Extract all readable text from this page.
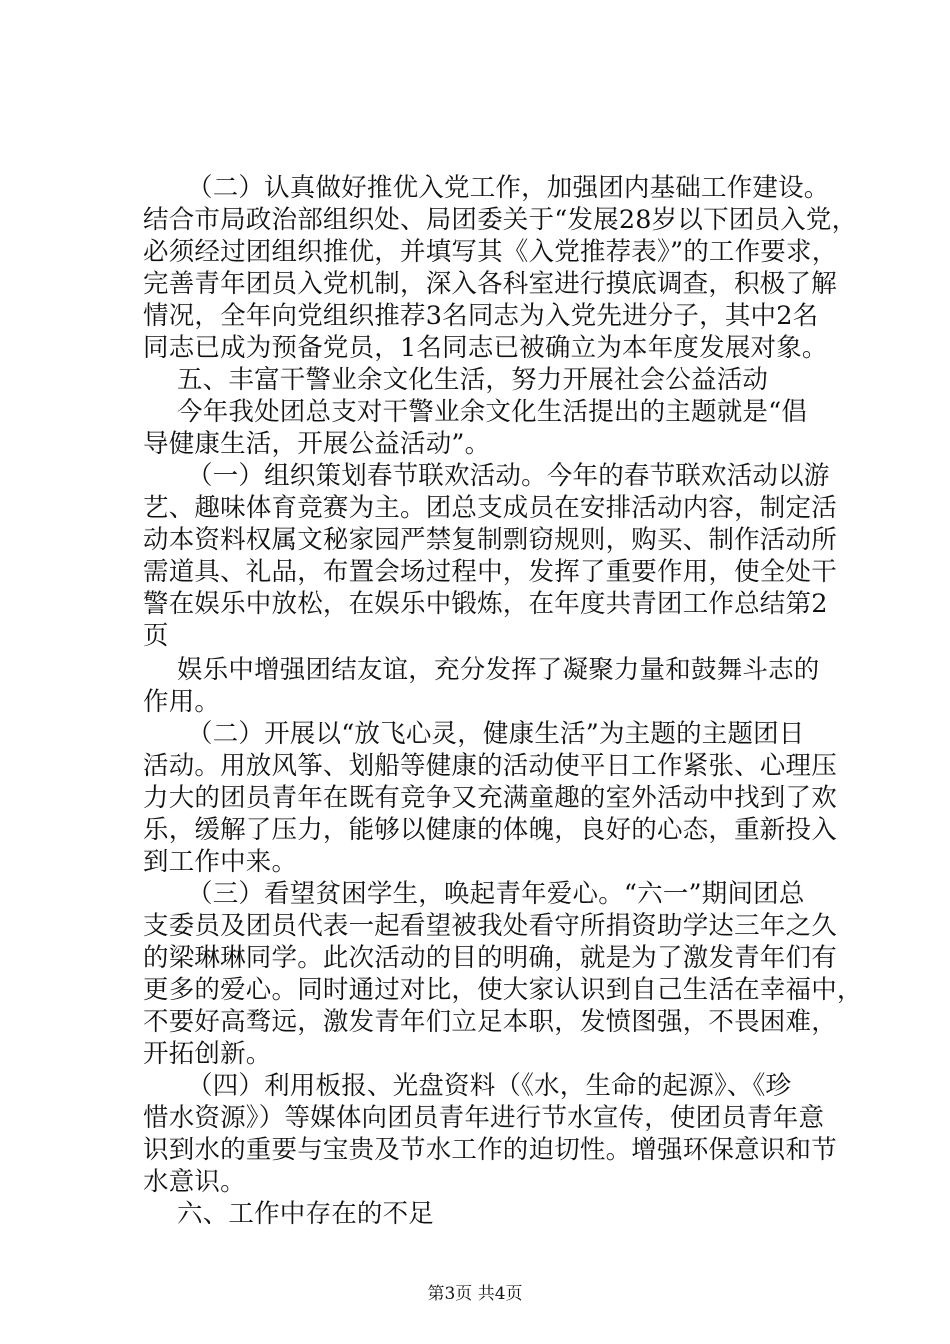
（二）认真做好推优入党工作，加强团内基础工作建设。
结合市局政治部组织处、局团委关于“发展28岁以下团员入党，
必须经过团组织推优，并填写其《入党推荐表》”的工作要求，
完善青年团员入党机制，深入各科室进行摸底调查，积极了解
情况，全年向党组织推荐3名同志为入党先进分子，其中2名
同志已成为预备党员，1名同志已被确立为本年度发展对象。
五、丰富干警业余文化生活，努力开展社会公益活动
今年我处团总支对干警业余文化生活提出的主题就是“倡
导健康生活，开展公益活动”。
（一）组织策划春节联欢活动。今年的春节联欢活动以游
艺、趣味体育竞赛为主。团总支成员在安排活动内容，制定活
动本资料权属文秘家园严禁复制剽窃规则，购买、制作活动所
需道具、礼品，布置会场过程中，发挥了重要作用，使全处干
警在娱乐中放松，在娱乐中锻炼，在年度共青团工作总结第2
页
娱乐中增强团结友谊，充分发挥了凝聚力量和鼓舞斗志的
作用。
（二）开展以“放飞心灵，健康生活”为主题的主题团日
活动。用放风筝、划船等健康的活动使平日工作紧张、心理压
力大的团员青年在既有竞争又充满童趣的室外活动中找到了欢
乐，缓解了压力，能够以健康的体魄，良好的心态，重新投入
到工作中来。
（三）看望贫困学生，唤起青年爱心。“六一”期间团总
支委员及团员代表一起看望被我处看守所捐资助学达三年之久
的梁琳琳同学。此次活动的目的明确，就是为了激发青年们有
更多的爱心。同时通过对比，使大家认识到自己生活在幸福中，
不要好高骛远，激发青年们立足本职，发愤图强，不畏困难，
开拓创新。
（四）利用板报、光盘资料（《水，生命的起源》、《珍
惜水资源》）等媒体向团员青年进行节水宣传，使团员青年意
识到水的重要与宝贵及节水工作的迫切性。增强环保意识和节
水意识。
六、工作中存在的不足
第3页 共4页
